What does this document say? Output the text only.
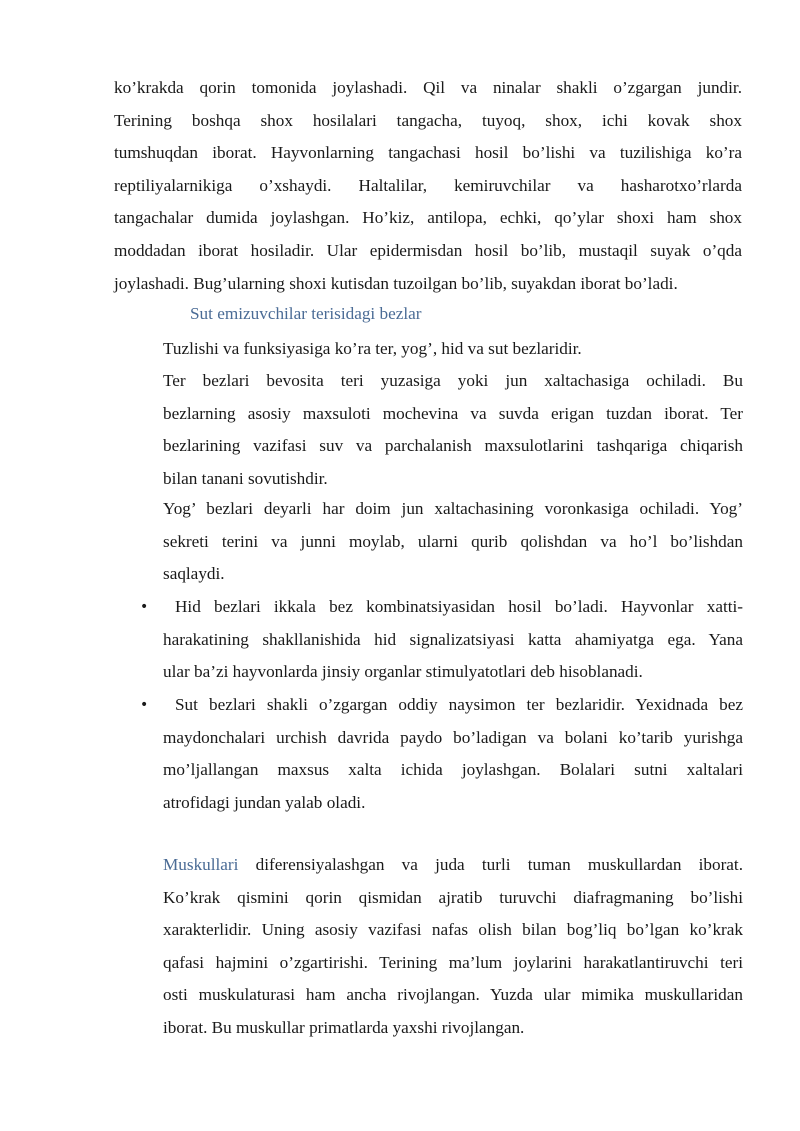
ko’krakda qorin tomonida joylashadi. Qil va ninalar shakli o’zgargan jundir.
Terining boshqa shox hosilalari tangacha, tuyoq, shox, ichi kovak shox
tumshuqdan iborat. Hayvonlarning tangachasi hosil bo’lishi va tuzilishiga ko’ra
reptiliyalarnikiga o’xshaydi. Haltalilar, kemiruvchilar va hasharotxo’rlarda
tangachalar dumida joylashgan. Ho’kiz, antilopa, echki, qo’ylar shoxi ham shox
moddadan iborat hosiladir. Ular epidermisdan hosil bo’lib, mustaqil suyak o’qda
joylashadi. Bug’ularning shoxi kutisdan tuzoilgan bo’lib, suyakdan iborat bo’ladi.
Sut emizuvchilar terisidagi bezlar
Tuzlishi va funksiyasiga ko’ra ter, yog’, hid va sut bezlaridir.
Ter bezlari bevosita teri yuzasiga yoki jun xaltachasiga ochiladi. Bu
bezlarning asosiy maxsuloti mochevina va suvda erigan tuzdan iborat. Ter
bezlarining vazifasi suv va parchalanish maxsulotlarini tashqariga chiqarish
bilan tanani sovutishdir.
Yog’ bezlari deyarli har doim jun xaltachasining voronkasiga ochiladi. Yog’
sekreti terini va junni moylab, ularni qurib qolishdan va ho’l bo’lishdan
saqlaydi.
•	Hid bezlari ikkala bez kombinatsiyasidan hosil bo’ladi. Hayvonlar xatti-
harakatining shakllanishida hid signalizatsiyasi katta ahamiyatga ega. Yana
ular ba’zi hayvonlarda jinsiy organlar stimulyatotlari deb hisoblanadi.
•	Sut bezlari shakli o’zgargan oddiy naysimon ter bezlaridir. Yexidnada bez
maydonchalari urchish davrida paydo bo’ladigan va bolani ko’tarib yurishga
mo’ljallangan maxsus xalta ichida joylashgan. Bolalari sutni xaltalari
atrofidagi jundan yalab oladi.
Muskullari diferensiyalashgan va juda turli tuman muskullardan iborat.
Ko’krak qismini qorin qismidan ajratib turuvchi diafragmaning bo’lishi
xarakterlidir. Uning asosiy vazifasi nafas olish bilan bog’liq bo’lgan ko’krak
qafasi hajmini o’zgartirishi. Terining ma’lum joylarini harakatlantiruvchi teri
osti muskulaturasi ham ancha rivojlangan. Yuzda ular mimika muskullaridan
iborat. Bu muskullar primatlarda yaxshi rivojlangan.
